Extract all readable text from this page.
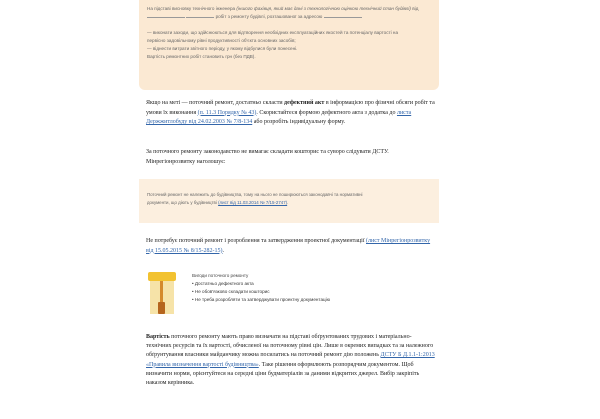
На підставі висновку технічного інженера (іншого фахівця, який має дані з технологічною оцінкою технічний стан будівлі) від   робіт з ремонту будівлі, розташованої за адресою

— виконати заходи, що здійснюються для відтворення необхідних експлуатаційних якостей та потенціалу вартості на

первісно задовільному рівні продуктивності об'єкта основних засобів;

— віднести витрати звітного періоду, у якому відбулися були понесені.

Вартість ремонтних робіт становить грн (без ПДВ).

Якщо на меті — поточний ремонт, достатньо скласти дефектний акт в інформацією про фізичні обсяги робіт та умови їх виконання (п. 11.3 Порядку № 43). Скористайтеся формою дефектного акта з додатка до листа Держжитлобуду від 24.02.2003 № 7/8-134 або розробіть індивідуальну форму.
За поточного ремонту законодавство не вимагає складати кошторис та суворо слідувати ДСТУ. Мінрегіонрозвитку наголошує:

Поточний ремонт не належить до будівництва, тому на нього не поширюються законодавчі та нормативні

документи, що діють у будівництві (лист від 11.03.2014 № 7/15-2747).

Не потребує поточний ремонт і розроблення та затвердження проектної документації (лист Мінрегіонрозвитку від 15.05.2015 № 8/15-282-15).
Вигоди поточного ремонту
• Достатньо дефектного акта
• Не обов'язково складати кошторис
• Не треба розробляти та затверджувати проектну документацію
Вартість поточного ремонту мають право визначати на підставі обґрунтованих трудових і матеріально-технічних ресурсів та їх вартості, обчисленої на поточному рівні цін. Лише в окремих випадках та за належного обґрунтування власники майданчику можна посилатись на поточний ремонт дію положень ДСТУ Б Д.1.1-1:2013 «Правила визначення вартості будівництва». Таке рішення оформлюють розпорядчим документом. Щоб визначити норми, орієнтуйтеся на середні ціни будматеріалів за даними відкритих джерел. Вибір закріпіть наказом керівника.
